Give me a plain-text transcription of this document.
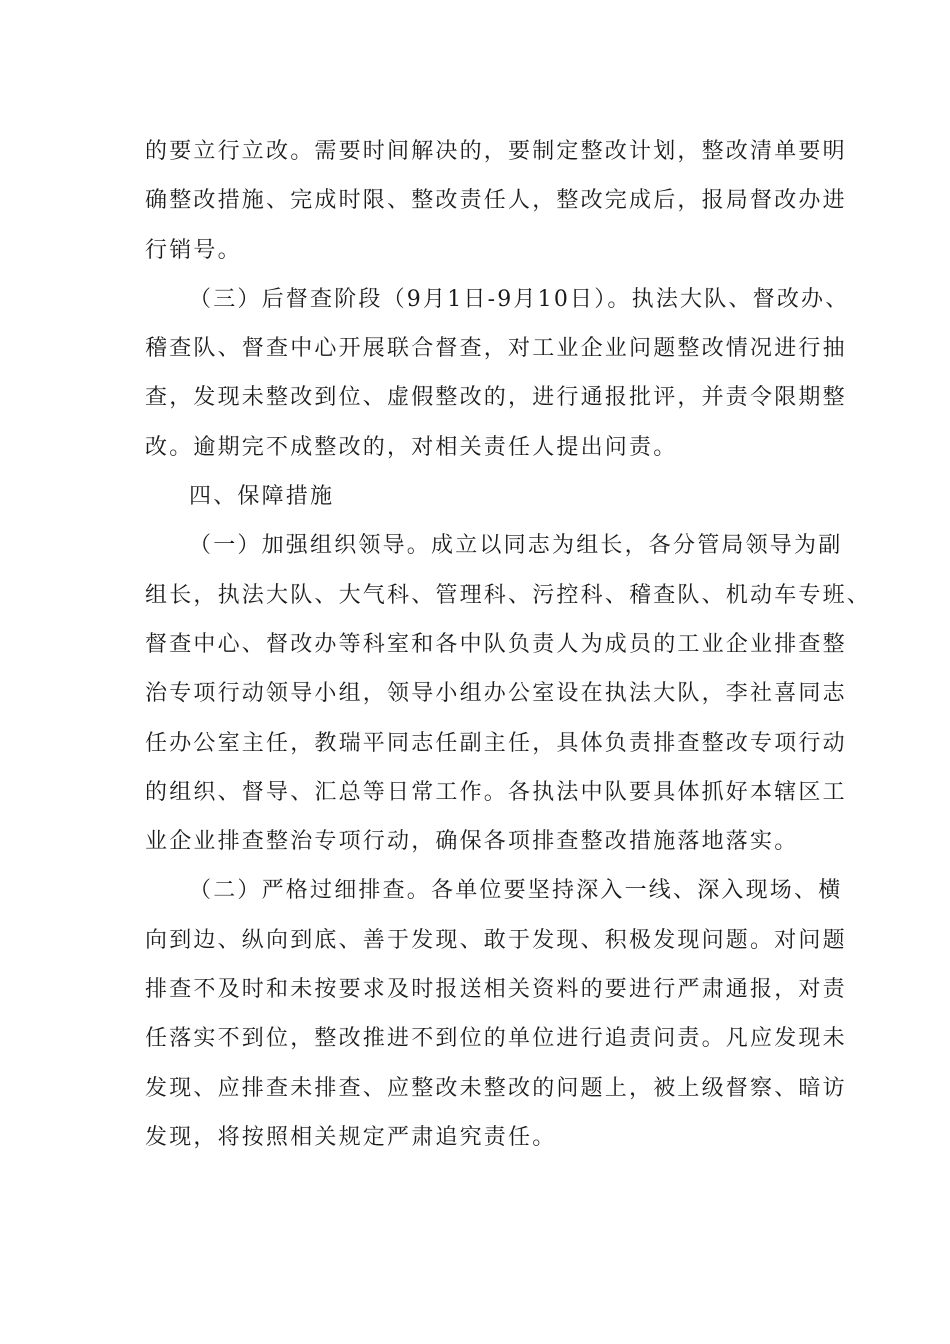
的要立行立改。需要时间解决的，要制定整改计划，整改清单要明
确整改措施、完成时限、整改责任人，整改完成后，报局督改办进
行销号。
（三）后督查阶段（9月1日-9月10日）。执法大队、督改办、
稽查队、督查中心开展联合督查，对工业企业问题整改情况进行抽
查，发现未整改到位、虚假整改的，进行通报批评，并责令限期整
改。逾期完不成整改的，对相关责任人提出问责。
四、保障措施
（一）加强组织领导。成立以同志为组长，各分管局领导为副
组长，执法大队、大气科、管理科、污控科、稽查队、机动车专班、
督查中心、督改办等科室和各中队负责人为成员的工业企业排查整
治专项行动领导小组，领导小组办公室设在执法大队，李社喜同志
任办公室主任，教瑞平同志任副主任，具体负责排查整改专项行动
的组织、督导、汇总等日常工作。各执法中队要具体抓好本辖区工
业企业排查整治专项行动，确保各项排查整改措施落地落实。
（二）严格过细排查。各单位要坚持深入一线、深入现场、横
向到边、纵向到底、善于发现、敢于发现、积极发现问题。对问题
排查不及时和未按要求及时报送相关资料的要进行严肃通报，对责
任落实不到位，整改推进不到位的单位进行追责问责。凡应发现未
发现、应排查未排查、应整改未整改的问题上，被上级督察、暗访
发现，将按照相关规定严肃追究责任。
